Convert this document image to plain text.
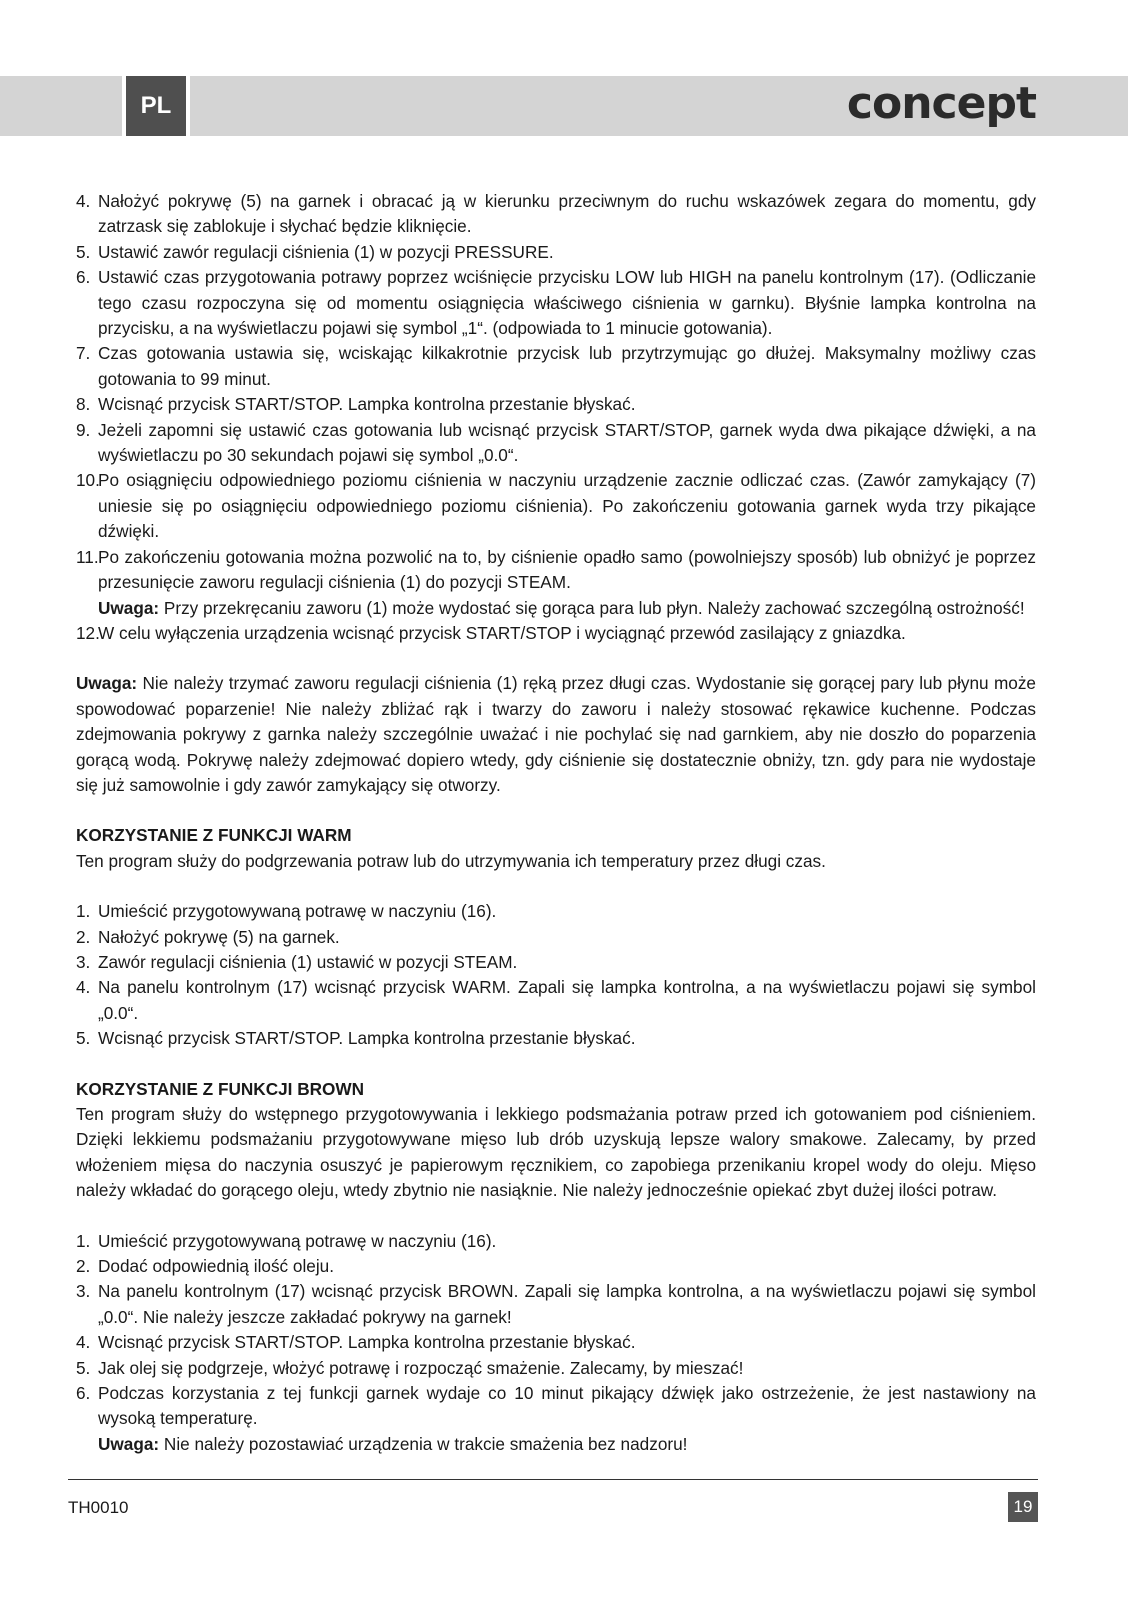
PL	concept
4. Nałożyć pokrywę (5) na garnek i obracać ją w kierunku przeciwnym do ruchu wskazówek zegara do momentu, gdy zatrzask się zablokuje i słychać będzie kliknięcie.
5. Ustawić zawór regulacji ciśnienia (1) w pozycji PRESSURE.
6. Ustawić czas przygotowania potrawy poprzez wciśnięcie przycisku LOW lub HIGH na panelu kontrolnym (17). (Odliczanie tego czasu rozpoczyna się od momentu osiągnięcia właściwego ciśnienia w garnku). Błyśnie lampka kontrolna na przycisku, a na wyświetlaczu pojawi się symbol „1“. (odpowiada to 1 minucie gotowania).
7. Czas gotowania ustawia się, wciskając kilkakrotnie przycisk lub przytrzymując go dłużej. Maksymalny możliwy czas gotowania to 99 minut.
8. Wcisnąć przycisk START/STOP. Lampka kontrolna przestanie błyskać.
9. Jeżeli zapomni się ustawić czas gotowania lub wcisnąć przycisk START/STOP, garnek wyda dwa pikające dźwięki, a na wyświetlaczu po 30 sekundach pojawi się symbol „0.0“.
10.
Po osiągnięciu odpowiedniego poziomu ciśnienia w naczyniu urządzenie zacznie odliczać czas. (Zawór zamykający (7) uniesie się po osiągnięciu odpowiedniego poziomu ciśnienia). Po zakończeniu gotowania garnek wyda trzy pikające dźwięki.
11. Po zakończeniu gotowania można pozwolić na to, by ciśnienie opadło samo (powolniejszy sposób) lub obniżyć je poprzez przesunięcie zaworu regulacji ciśnienia (1) do pozycji STEAM.
Uwaga: Przy przekręcaniu zaworu (1) może wydostać się gorąca para lub płyn. Należy zachować szczególną ostrożność!
12.
W celu wyłączenia urządzenia wcisnąć przycisk START/STOP i wyciągnąć przewód zasilający z gniazdka.

Uwaga: Nie należy trzymać zaworu regulacji ciśnienia (1) ręką przez długi czas. Wydostanie się gorącej pary lub płynu może spowodować poparzenie! Nie należy zbliżać rąk i twarzy do zaworu i należy stosować rękawice kuchenne. Podczas zdejmowania pokrywy z garnka należy szczególnie uważać i nie pochylać się nad garnkiem, aby nie doszło do poparzenia gorącą wodą. Pokrywę należy zdejmować dopiero wtedy, gdy ciśnienie się dostatecznie obniży, tzn. gdy para nie wydostaje się już samowolnie i gdy zawór zamykający się otworzy.

KORZYSTANIE Z FUNKCJI WARM

Ten program służy do podgrzewania potraw lub do utrzymywania ich temperatury przez długi czas.

1. Umieścić przygotowywaną potrawę w naczyniu (16).
2. Nałożyć pokrywę (5) na garnek.
3. Zawór regulacji ciśnienia (1) ustawić w pozycji STEAM.
4. Na panelu kontrolnym (17) wcisnąć przycisk WARM. Zapali się lampka kontrolna, a na wyświetlaczu pojawi się symbol „0.0“.
5. Wcisnąć przycisk START/STOP. Lampka kontrolna przestanie błyskać.

KORZYSTANIE Z FUNKCJI BROWN

Ten program służy do wstępnego przygotowywania i lekkiego podsmażania potraw przed ich gotowaniem pod ciśnieniem. Dzięki lekkiemu podsmażaniu przygotowywane mięso lub drób uzyskują lepsze walory smakowe. Zalecamy, by przed włożeniem mięsa do naczynia osuszyć je papierowym ręcznikiem, co zapobiega przenikaniu kropel wody do oleju. Mięso należy wkładać do gorącego oleju, wtedy zbytnio nie nasiąknie. Nie należy jednocześnie opiekać zbyt dużej ilości potraw.

1. Umieścić przygotowywaną potrawę w naczyniu (16).
2. Dodać odpowiednią ilość oleju.
3. Na panelu kontrolnym (17) wcisnąć przycisk BROWN. Zapali się lampka kontrolna, a na wyświetlaczu pojawi się symbol „0.0“. Nie należy jeszcze zakładać pokrywy na garnek!
4. Wcisnąć przycisk START/STOP. Lampka kontrolna przestanie błyskać.
5. Jak olej się podgrzeje, włożyć potrawę i rozpocząć smażenie. Zalecamy, by mieszać!
6. Podczas korzystania z tej funkcji garnek wydaje co 10 minut pikający dźwięk jako ostrzeżenie, że jest nastawiony na wysoką temperaturę.
Uwaga: Nie należy pozostawiać urządzenia w trakcie smażenia bez nadzoru!
TH0010	19
